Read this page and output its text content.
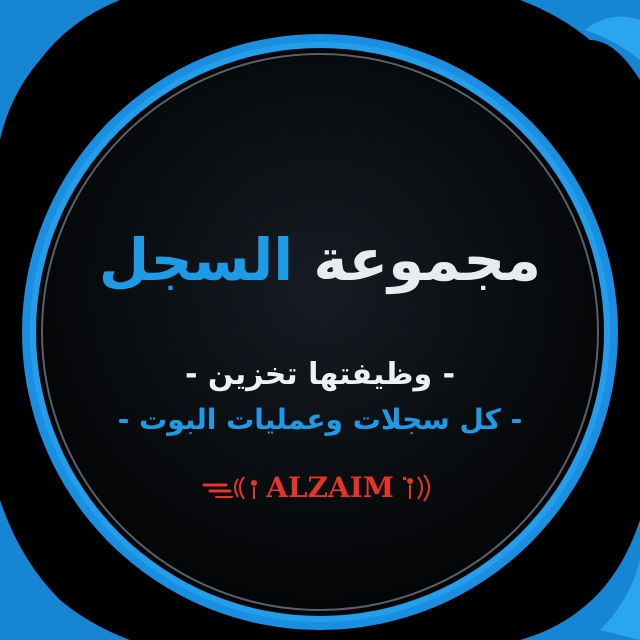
مجموعة السجل
- وظيفتها تخزين -
- كل سجلات وعمليات البوت -
ALZAIM
